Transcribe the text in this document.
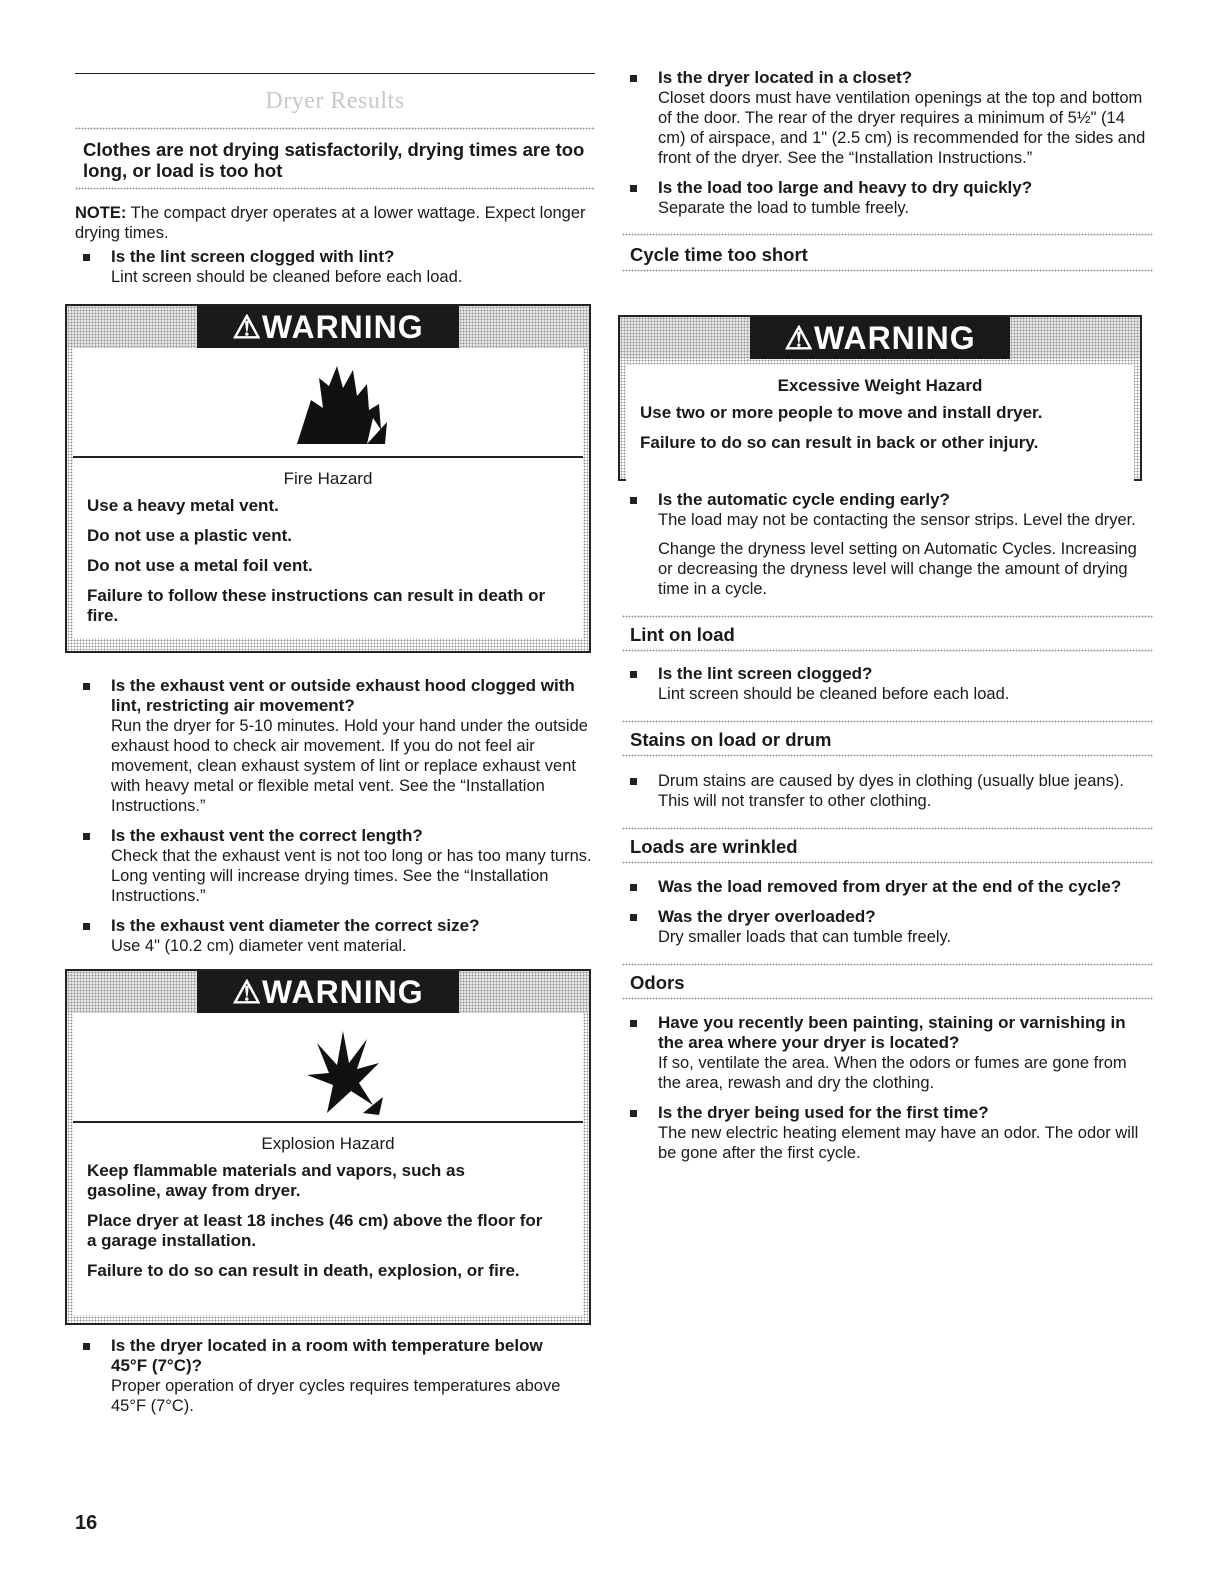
Dryer Results
Clothes are not drying satisfactorily, drying times are too long, or load is too hot
NOTE: The compact dryer operates at a lower wattage. Expect longer drying times.
Is the lint screen clogged with lint?
Lint screen should be cleaned before each load.
⚠WARNING
Fire Hazard
Use a heavy metal vent.
Do not use a plastic vent.
Do not use a metal foil vent.
Failure to follow these instructions can result in death or fire.
Is the exhaust vent or outside exhaust hood clogged with lint, restricting air movement?
Run the dryer for 5-10 minutes. Hold your hand under the outside exhaust hood to check air movement. If you do not feel air movement, clean exhaust system of lint or replace exhaust vent with heavy metal or flexible metal vent. See the “Installation Instructions.”
Is the exhaust vent the correct length?
Check that the exhaust vent is not too long or has too many turns. Long venting will increase drying times. See the “Installation Instructions.”
Is the exhaust vent diameter the correct size?
Use 4" (10.2 cm) diameter vent material.
⚠WARNING
Explosion Hazard
Keep flammable materials and vapors, such as gasoline, away from dryer.
Place dryer at least 18 inches (46 cm) above the floor for a garage installation.
Failure to do so can result in death, explosion, or fire.
Is the dryer located in a room with temperature below 45°F (7°C)?
Proper operation of dryer cycles requires temperatures above 45°F (7°C).
16
Is the dryer located in a closet?
Closet doors must have ventilation openings at the top and bottom of the door. The rear of the dryer requires a minimum of 5½" (14 cm) of airspace, and 1" (2.5 cm) is recommended for the sides and front of the dryer. See the “Installation Instructions.”
Is the load too large and heavy to dry quickly?
Separate the load to tumble freely.
Cycle time too short
⚠WARNING
Excessive Weight Hazard
Use two or more people to move and install dryer.
Failure to do so can result in back or other injury.
Is the automatic cycle ending early?
The load may not be contacting the sensor strips. Level the dryer.
Change the dryness level setting on Automatic Cycles. Increasing or decreasing the dryness level will change the amount of drying time in a cycle.
Lint on load
Is the lint screen clogged?
Lint screen should be cleaned before each load.
Stains on load or drum
Drum stains are caused by dyes in clothing (usually blue jeans). This will not transfer to other clothing.
Loads are wrinkled
Was the load removed from dryer at the end of the cycle?
Was the dryer overloaded?
Dry smaller loads that can tumble freely.
Odors
Have you recently been painting, staining or varnishing in the area where your dryer is located?
If so, ventilate the area. When the odors or fumes are gone from the area, rewash and dry the clothing.
Is the dryer being used for the first time?
The new electric heating element may have an odor. The odor will be gone after the first cycle.
